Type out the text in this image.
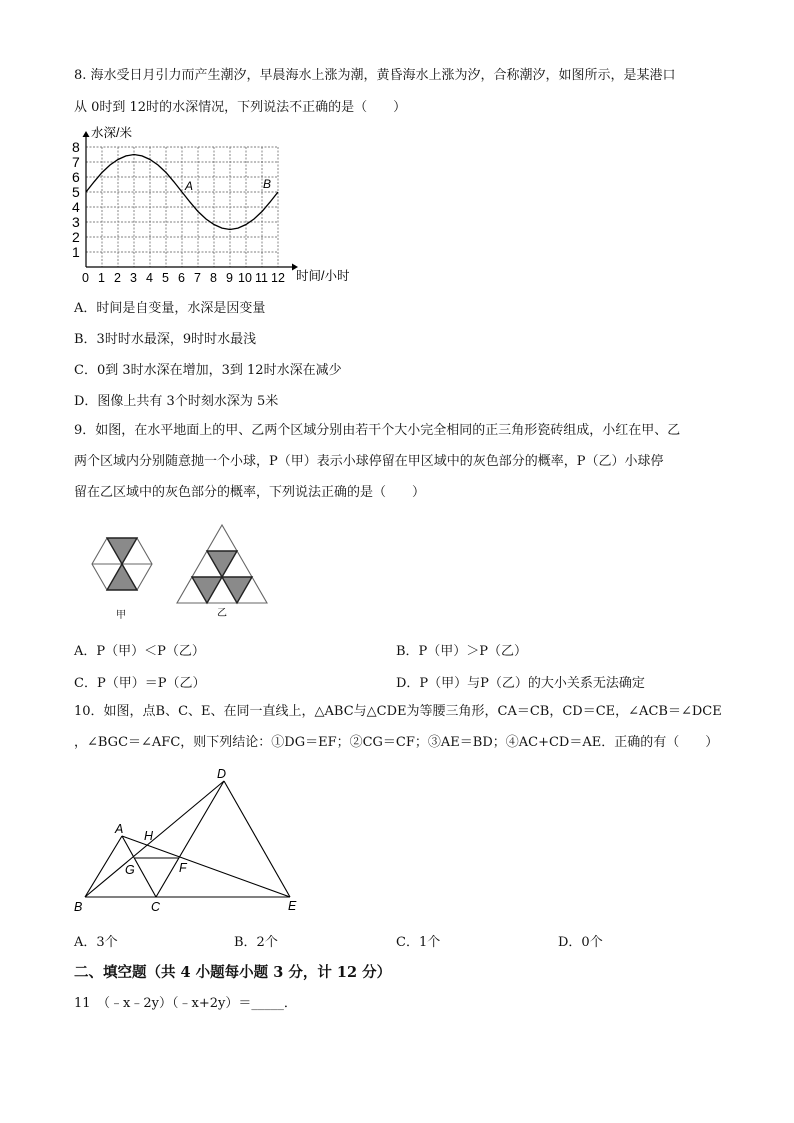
8. 海水受日月引力而产生潮汐，早晨海水上涨为潮，黄昏海水上涨为汐，合称潮汐，如图所示，是某港口
从 0时到 12时的水深情况，下列说法不正确的是（　　）
1
2
3
4
5
6
7
8
0 1 2 3 4 5 6 7 8 9 10 11 12
水深/米
时间/小时
A	B
A．时间是自变量，水深是因变量
B．3时时水最深，9时时水最浅
C．0到 3时水深在增加，3到 12时水深在减少
D．图像上共有 3个时刻水深为 5米
9．如图，在水平地面上的甲、乙两个区域分别由若干个大小完全相同的正三角形瓷砖组成，小红在甲、乙
两个区域内分别随意抛一个小球，P（甲）表示小球停留在甲区域中的灰色部分的概率，P（乙）小球停
留在乙区域中的灰色部分的概率，下列说法正确的是（　　）
甲	乙
A．P（甲）＜P（乙）	B．P（甲）＞P（乙）
C．P（甲）＝P（乙）	D．P（甲）与P（乙）的大小关系无法确定
10．如图，点B、C、E、在同一直线上，△ABC与△CDE为等腰三角形，CA＝CB，CD＝CE，∠ACB＝∠DCE
，∠BGC＝∠AFC，则下列结论：①DG＝EF；②CG＝CF；③AE＝BD；④AC+CD＝AE．正确的有（　　）
D
A H
G	F
B	C	E
A．3个	B．2个	C．1个	D．0个
二、填空题（共 4 小题每小题 3 分，计 12 分）
11　（﹣x﹣2y）（﹣x+2y）＝_____．
